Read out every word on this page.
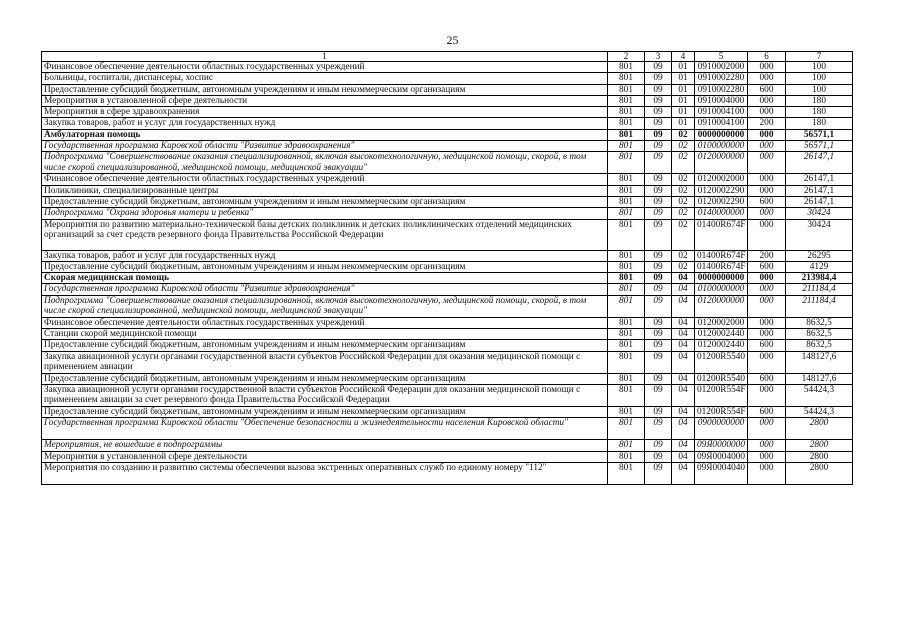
25
1	2	3	4	5	6	7
Финансовое обеспечение деятельности областных государственных учреждений	801	09	01	0910002000	000	100
Больницы, госпитали, диспансеры, хоспис	801	09	01	0910002280	000	100
Предоставление субсидий бюджетным, автономным учреждениям и иным некоммерческим организациям	801	09	01	0910002280	600	100
Мероприятия в установленной сфере деятельности	801	09	01	0910004000	000	180
Мероприятия в сфере здравоохранения	801	09	01	0910004100	000	180
Закупка товаров, работ и услуг для государственных нужд	801	09	01	0910004100	200	180
Амбулаторная помощь	801	09	02	0000000000	000	56571,1
Государственная программа Кировской области "Развитие здравоохранения"	801	09	02	0100000000	000	56571,1
Подпрограмма "Совершенствование оказания специализированной, включая высокотехнологичную, медицинской помощи, скорой, в том числе скорой специализированной, медицинской помощи, медицинской эвакуации"	801	09	02	0120000000	000	26147,1
Финансовое обеспечение деятельности областных государственных учреждений	801	09	02	0120002000	000	26147,1
Поликлиники, специализированные центры	801	09	02	0120002290	000	26147,1
Предоставление субсидий бюджетным, автономным учреждениям и иным некоммерческим организациям	801	09	02	0120002290	600	26147,1
Подпрограмма "Охрана здоровья матери и ребенка"	801	09	02	0140000000	000	30424
Мероприятия по развитию материально-технической базы детских поликлиник и детских поликлинических отделений медицинских организаций за счет средств резервного фонда Правительства Российской Федерации	801	09	02	01400R674F	000	30424
Закупка товаров, работ и услуг для государственных нужд	801	09	02	01400R674F	200	26295
Предоставление субсидий бюджетным, автономным учреждениям и иным некоммерческим организациям	801	09	02	01400R674F	600	4129
Скорая медицинская помощь	801	09	04	0000000000	000	213984,4
Государственная программа Кировской области "Развитие здравоохранения"	801	09	04	0100000000	000	211184,4
Подпрограмма "Совершенствование оказания специализированной, включая высокотехнологичную, медицинской помощи, скорой, в том числе скорой специализированной, медицинской помощи, медицинской эвакуации"	801	09	04	0120000000	000	211184,4
Финансовое обеспечение деятельности областных государственных учреждений	801	09	04	0120002000	000	8632,5
Станции скорой медицинской помощи	801	09	04	0120002440	000	8632,5
Предоставление субсидий бюджетным, автономным учреждениям и иным некоммерческим организациям	801	09	04	0120002440	600	8632,5
Закупка авиационной услуги органами государственной власти субъектов Российской Федерации для оказания медицинской помощи с применением авиации	801	09	04	01200R5540	000	148127,6
Предоставление субсидий бюджетным, автономным учреждениям и иным некоммерческим организациям	801	09	04	01200R5540	600	148127,6
Закупка авиационной услуги органами государственной власти субъектов Российской Федерации для оказания медицинской помощи с применением авиации за счет резервного фонда Правительства Российской Федерации	801	09	04	01200R554F	000	54424,3
Предоставление субсидий бюджетным, автономным учреждениям и иным некоммерческим организациям	801	09	04	01200R554F	600	54424,3
Государственная программа Кировской области "Обеспечение безопасности и жизнедеятельности населения Кировской области"	801	09	04	0900000000	000	2800
Мероприятия, не вошедшие в подпрограммы	801	09	04	09Я0000000	000	2800
Мероприятия в установленной сфере деятельности	801	09	04	09Я0004000	000	2800
Мероприятия по созданию и развитию системы обеспечения вызова экстренных оперативных служб по единому номеру "112"	801	09	04	09Я0004040	000	2800
